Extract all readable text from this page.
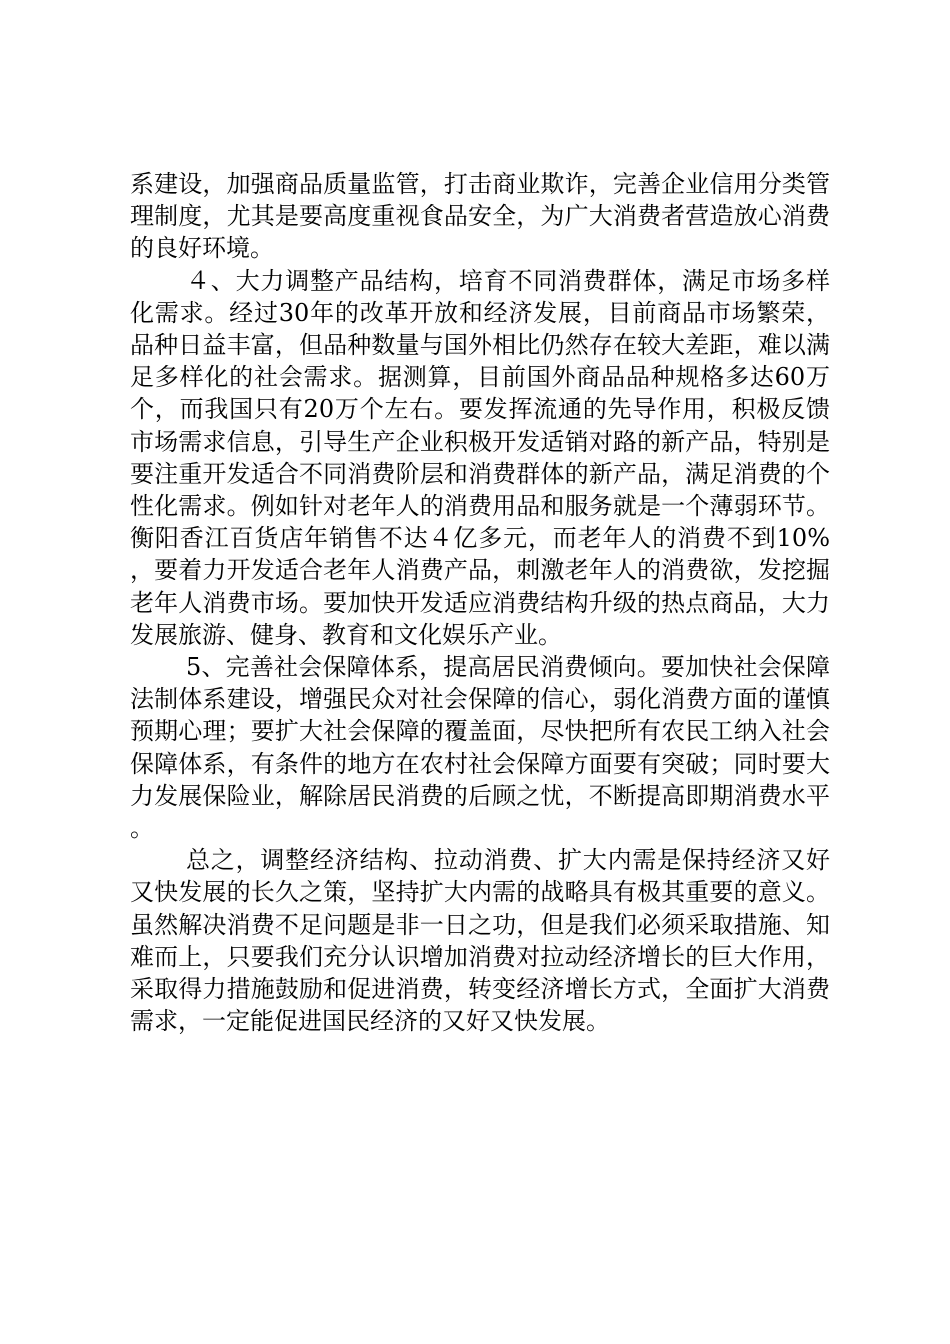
系建设，加强商品质量监管，打击商业欺诈，完善企业信用分类管理制度，尤其是要高度重视食品安全，为广大消费者营造放心消费的良好环境。

４、大力调整产品结构，培育不同消费群体，满足市场多样化需求。经过30年的改革开放和经济发展，目前商品市场繁荣，品种日益丰富，但品种数量与国外相比仍然存在较大差距，难以满足多样化的社会需求。据测算，目前国外商品品种规格多达60万个，而我国只有20万个左右。要发挥流通的先导作用，积极反馈市场需求信息，引导生产企业积极开发适销对路的新产品，特别是要注重开发适合不同消费阶层和消费群体的新产品，满足消费的个性化需求。例如针对老年人的消费用品和服务就是一个薄弱环节。衡阳香江百货店年销售不达４亿多元，而老年人的消费不到10%，要着力开发适合老年人消费产品，刺激老年人的消费欲，发挖掘老年人消费市场。要加快开发适应消费结构升级的热点商品，大力发展旅游、健身、教育和文化娱乐产业。

5、完善社会保障体系，提高居民消费倾向。要加快社会保障法制体系建设，增强民众对社会保障的信心，弱化消费方面的谨慎预期心理；要扩大社会保障的覆盖面，尽快把所有农民工纳入社会保障体系，有条件的地方在农村社会保障方面要有突破；同时要大力发展保险业，解除居民消费的后顾之忧，不断提高即期消费水平。

总之，调整经济结构、拉动消费、扩大内需是保持经济又好又快发展的长久之策，坚持扩大内需的战略具有极其重要的意义。虽然解决消费不足问题是非一日之功，但是我们必须采取措施、知难而上，只要我们充分认识增加消费对拉动经济增长的巨大作用，采取得力措施鼓励和促进消费，转变经济增长方式，全面扩大消费需求，一定能促进国民经济的又好又快发展。
